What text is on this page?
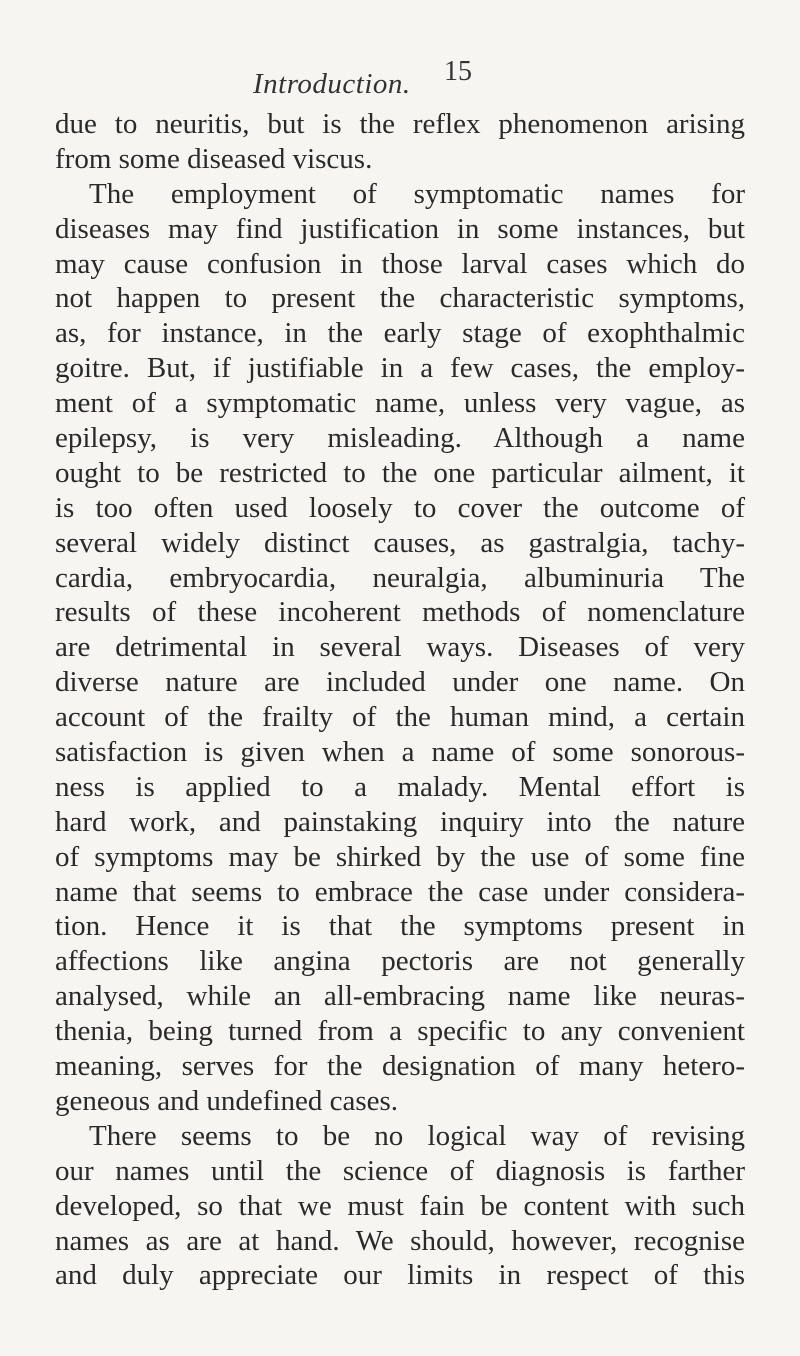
Introduction. 15
due to neuritis, but is the reflex phenomenon arising
from some diseased viscus.
The employment of symptomatic names for
diseases may find justification in some instances, but
may cause confusion in those larval cases which do
not happen to present the characteristic symptoms,
as, for instance, in the early stage of exophthalmic
goitre. But, if justifiable in a few cases, the employ-
ment of a symptomatic name, unless very vague, as
epilepsy, is very misleading. Although a name
ought to be restricted to the one particular ailment, it
is too often used loosely to cover the outcome of
several widely distinct causes, as gastralgia, tachy-
cardia, embryocardia, neuralgia, albuminuria The
results of these incoherent methods of nomenclature
are detrimental in several ways. Diseases of very
diverse nature are included under one name. On
account of the frailty of the human mind, a certain
satisfaction is given when a name of some sonorous-
ness is applied to a malady. Mental effort is
hard work, and painstaking inquiry into the nature
of symptoms may be shirked by the use of some fine
name that seems to embrace the case under considera-
tion. Hence it is that the symptoms present in
affections like angina pectoris are not generally
analysed, while an all-embracing name like neuras-
thenia, being turned from a specific to any convenient
meaning, serves for the designation of many hetero-
geneous and undefined cases.
There seems to be no logical way of revising
our names until the science of diagnosis is farther
developed, so that we must fain be content with such
names as are at hand. We should, however, recognise
and duly appreciate our limits in respect of this
